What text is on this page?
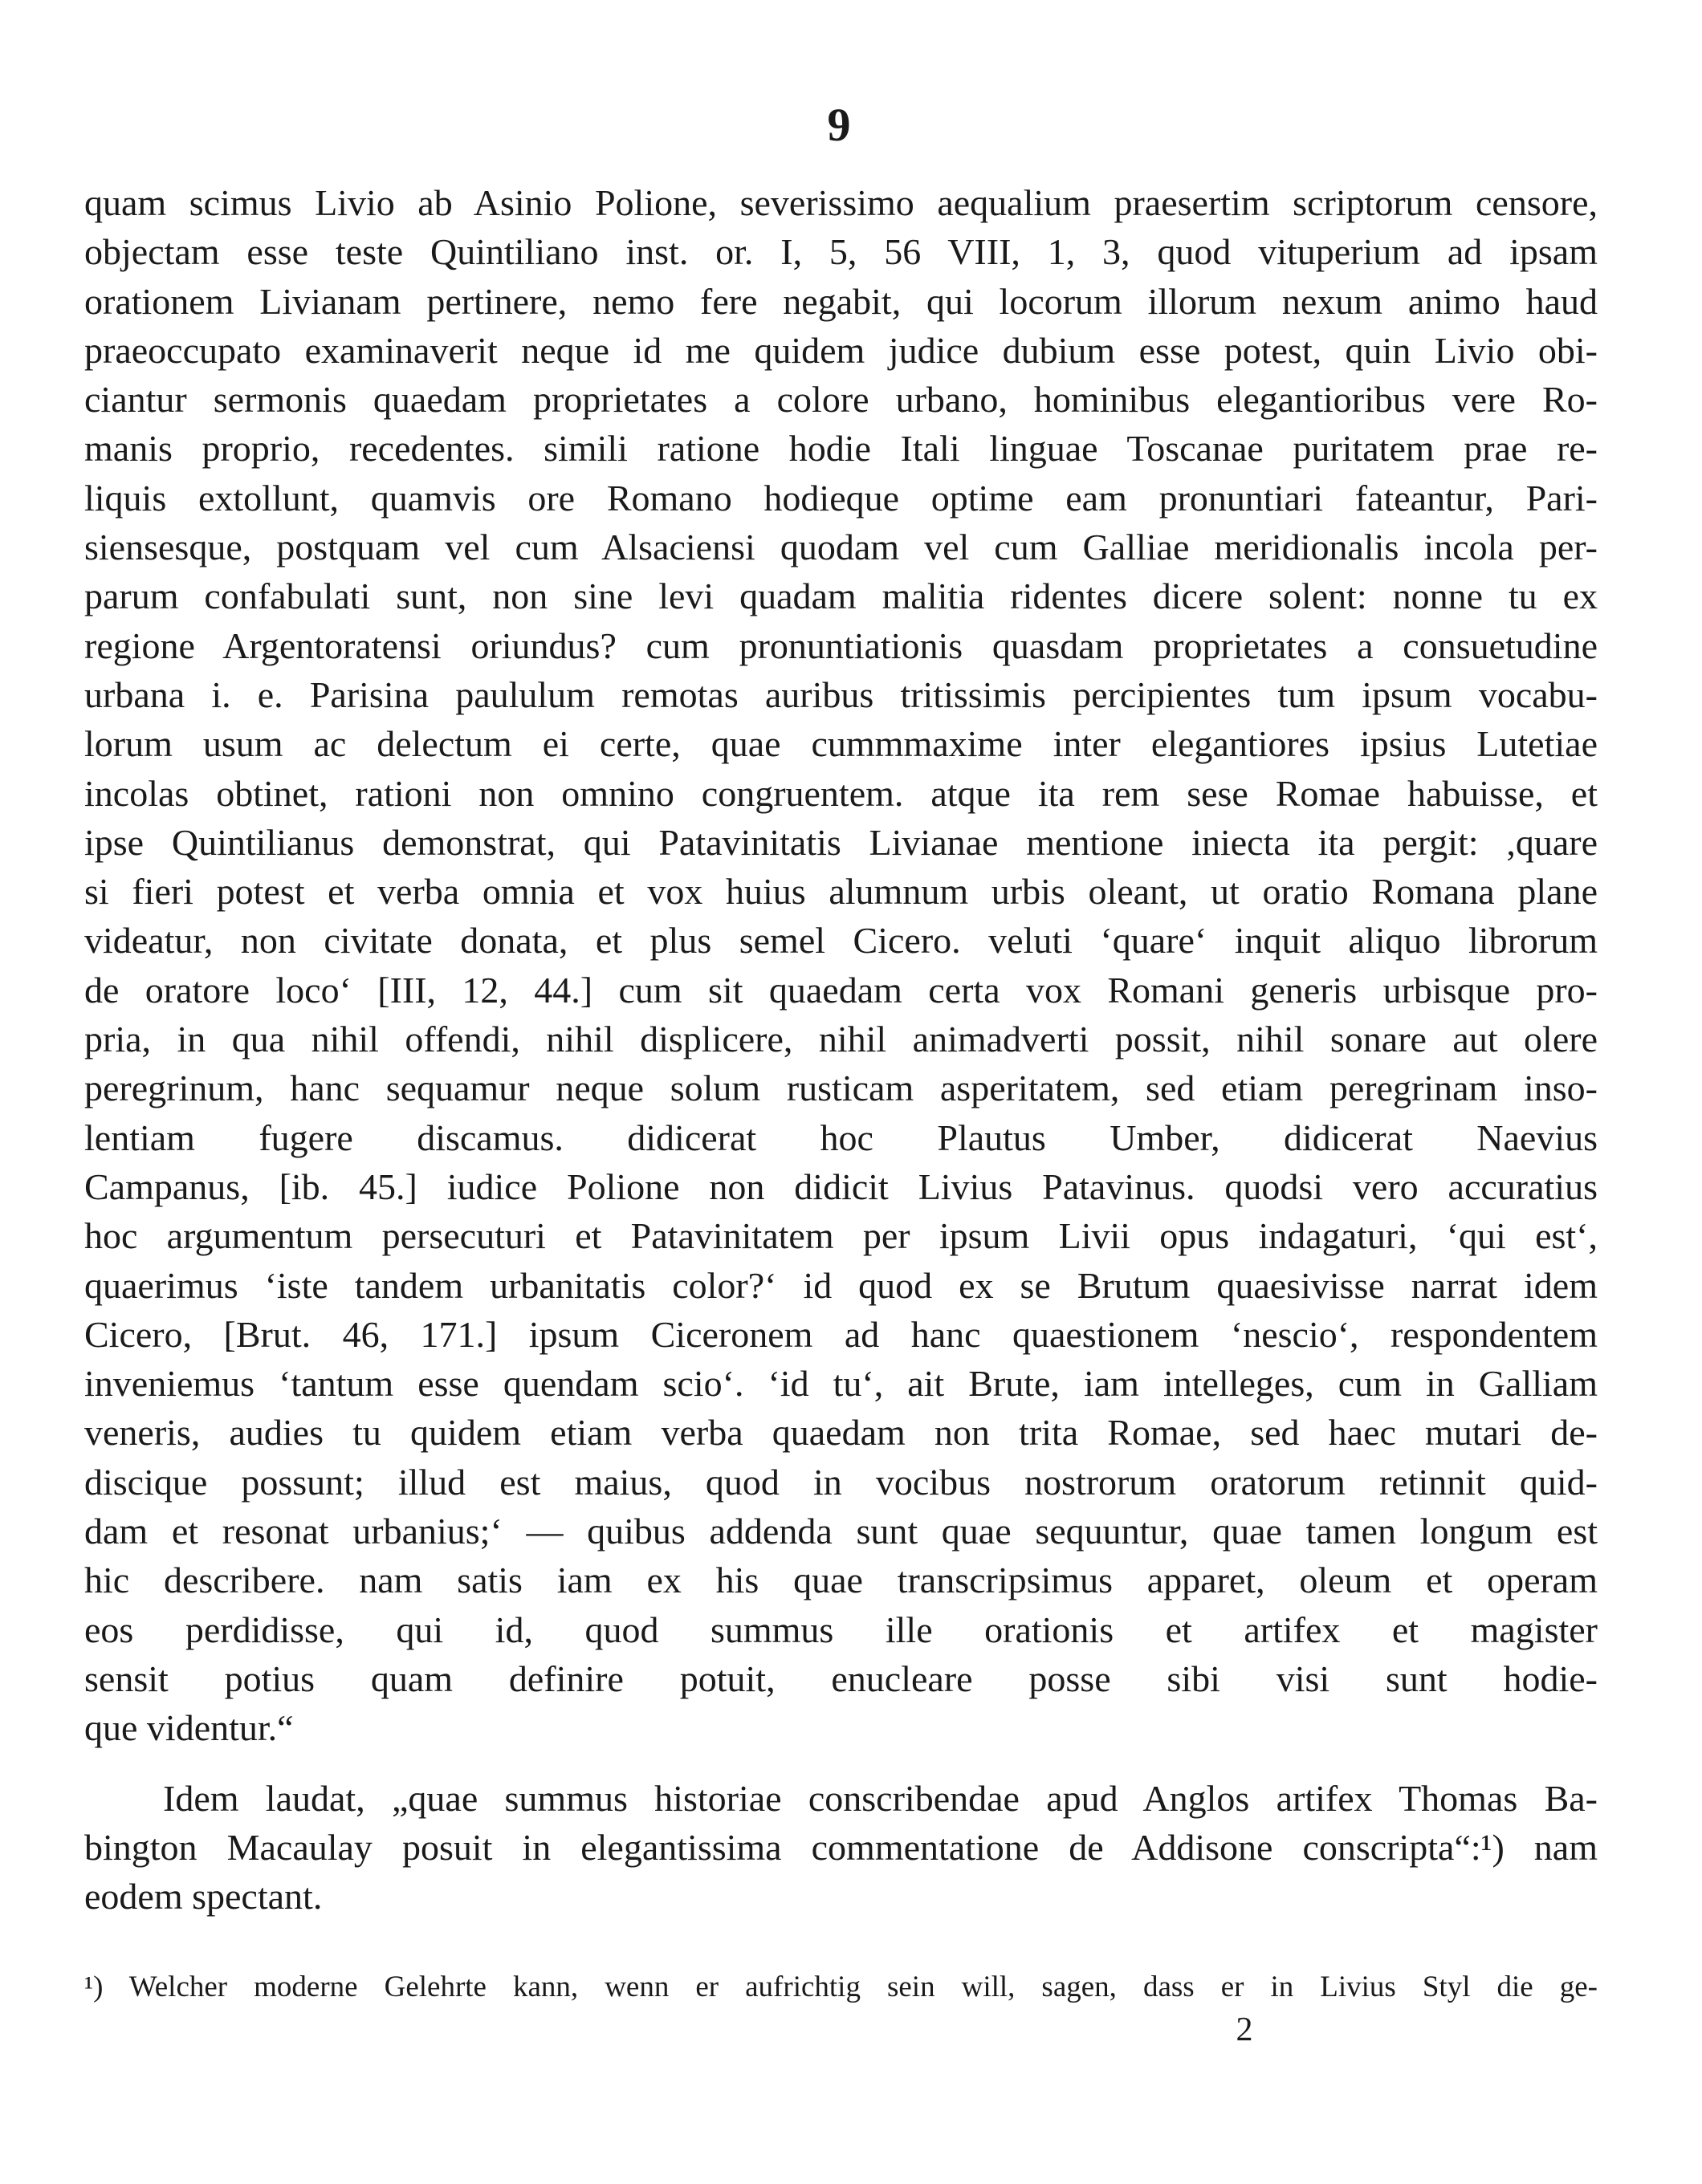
9
quam scimus Livio ab Asinio Polione, severissimo aequalium praesertim scriptorum censore,
objectam esse teste Quintiliano inst. or. I, 5, 56 VIII, 1, 3, quod vituperium ad ipsam
orationem Livianam pertinere, nemo fere negabit, qui locorum illorum nexum animo haud
praeoccupato examinaverit neque id me quidem judice dubium esse potest, quin Livio obi-
ciantur sermonis quaedam proprietates a colore urbano, hominibus elegantioribus vere Ro-
manis proprio, recedentes. simili ratione hodie Itali linguae Toscanae puritatem prae re-
liquis extollunt, quamvis ore Romano hodieque optime eam pronuntiari fateantur, Pari-
siensesque, postquam vel cum Alsaciensi quodam vel cum Galliae meridionalis incola per-
parum confabulati sunt, non sine levi quadam malitia ridentes dicere solent: nonne tu ex
regione Argentoratensi oriundus? cum pronuntiationis quasdam proprietates a consuetudine
urbana i. e. Parisina paululum remotas auribus tritissimis percipientes tum ipsum vocabu-
lorum usum ac delectum ei certe, quae cummmaxime inter elegantiores ipsius Lutetiae
incolas obtinet, rationi non omnino congruentem. atque ita rem sese Romae habuisse, et
ipse Quintilianus demonstrat, qui Patavinitatis Livianae mentione iniecta ita pergit: ,quare
si fieri potest et verba omnia et vox huius alumnum urbis oleant, ut oratio Romana plane
videatur, non civitate donata, et plus semel Cicero. veluti ‘quare‘ inquit aliquo librorum
de oratore loco‘ [III, 12, 44.] cum sit quaedam certa vox Romani generis urbisque pro-
pria, in qua nihil offendi, nihil displicere, nihil animadverti possit, nihil sonare aut olere
peregrinum, hanc sequamur neque solum rusticam asperitatem, sed etiam peregrinam inso-
lentiam fugere discamus. didicerat hoc Plautus Umber, didicerat Naevius
Campanus, [ib. 45.] iudice Polione non didicit Livius Patavinus. quodsi vero accuratius
hoc argumentum persecuturi et Patavinitatem per ipsum Livii opus indagaturi, ‘qui est‘,
quaerimus ‘iste tandem urbanitatis color?‘ id quod ex se Brutum quaesivisse narrat idem
Cicero, [Brut. 46, 171.] ipsum Ciceronem ad hanc quaestionem ‘nescio‘, respondentem
inveniemus ‘tantum esse quendam scio‘. ‘id tu‘, ait Brute, iam intelleges, cum in Galliam
veneris, audies tu quidem etiam verba quaedam non trita Romae, sed haec mutari de-
discique possunt; illud est maius, quod in vocibus nostrorum oratorum retinnit quid-
dam et resonat urbanius;‘ — quibus addenda sunt quae sequuntur, quae tamen longum est
hic describere. nam satis iam ex his quae transcripsimus apparet, oleum et operam
eos perdidisse, qui id, quod summus ille orationis et artifex et magister
sensit potius quam definire potuit, enucleare posse sibi visi sunt hodie-
que videntur.“
Idem laudat, „quae summus historiae conscribendae apud Anglos artifex Thomas Ba-
bington Macaulay posuit in elegantissima commentatione de Addisone conscripta“:¹) nam
eodem spectant.
¹) Welcher moderne Gelehrte kann, wenn er aufrichtig sein will, sagen, dass er in Livius Styl die ge-
2
